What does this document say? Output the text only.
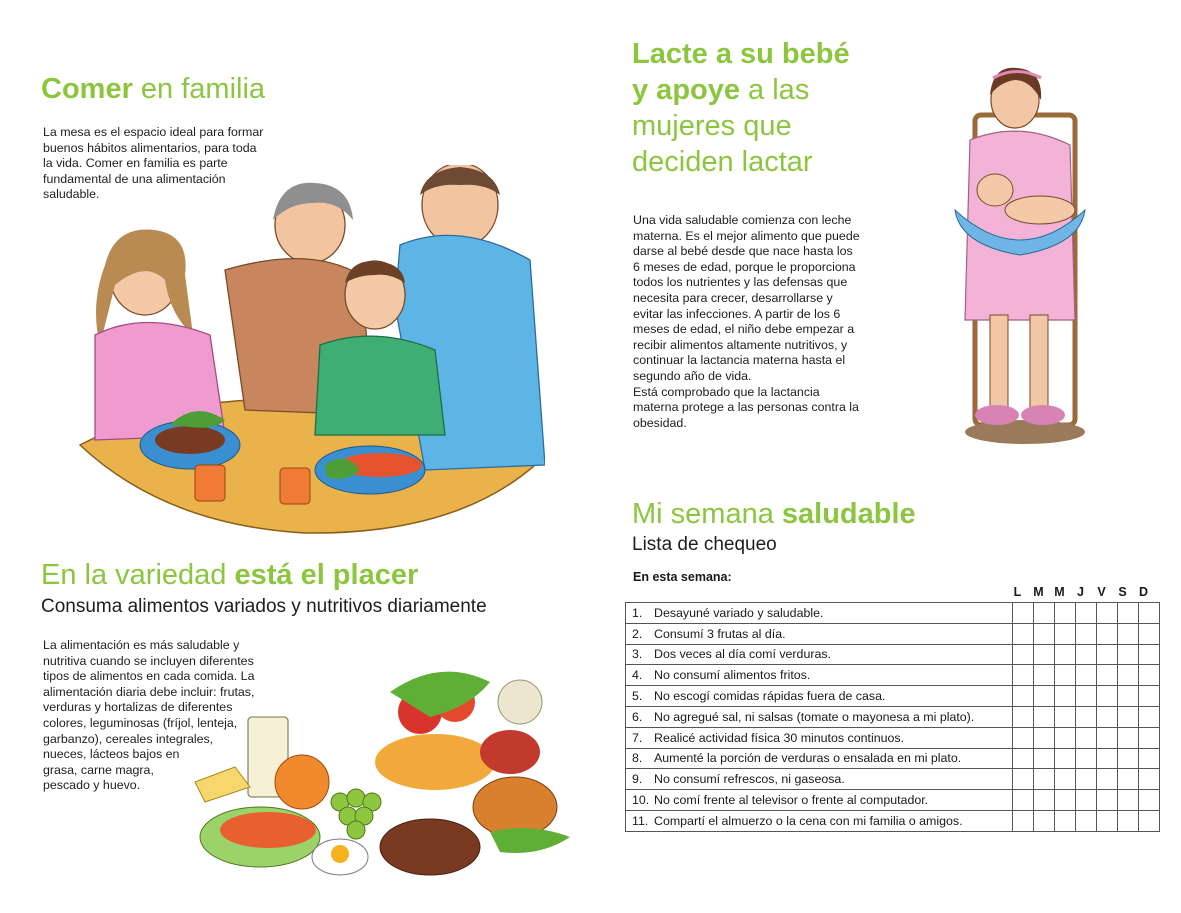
Comer en familia
La mesa es el espacio ideal para formar
buenos hábitos alimentarios, para toda
la vida. Comer en familia es parte
fundamental de una alimentación
saludable.
En la variedad está el placer
Consuma alimentos variados y nutritivos diariamente
La alimentación es más saludable y
nutritiva cuando se incluyen diferentes
tipos de alimentos en cada comida. La
alimentación diaria debe incluir: frutas,
verduras y hortalizas de diferentes
colores, leguminosas (fríjol, lenteja,
garbanzo), cereales integrales,
nueces, lácteos bajos en
grasa, carne magra,
pescado y huevo.
Lacte a su bebé
y apoye a las
mujeres que
deciden lactar
Una vida saludable comienza con leche
materna. Es el mejor alimento que puede
darse al bebé desde que nace hasta los
6 meses de edad, porque le proporciona
todos los nutrientes y las defensas que
necesita para crecer, desarrollarse y
evitar las infecciones. A partir de los 6
meses de edad, el niño debe empezar a
recibir alimentos altamente nutritivos, y
continuar la lactancia materna hasta el
segundo año de vida.
Está comprobado que la lactancia
materna protege a las personas contra la
obesidad.
Mi semana saludable
Lista de chequeo
En esta semana:
L M M J	V	S D
1. Desayuné variado y saludable.							
2. Consumí 3 frutas al día.							
3. Dos veces al día comí verduras.							
4. No consumí alimentos fritos.							
5. No escogí comidas rápidas fuera de casa.							
6. No agregué sal, ni salsas (tomate o mayonesa a mi plato).							
7. Realicé actividad física 30 minutos continuos.							
8. Aumenté la porción de verduras o ensalada en mi plato.							
9. No consumí refrescos, ni gaseosa.							
10. No comí frente al televisor o frente al computador.							
11. Compartí el almuerzo o la cena con mi familia o amigos.							
